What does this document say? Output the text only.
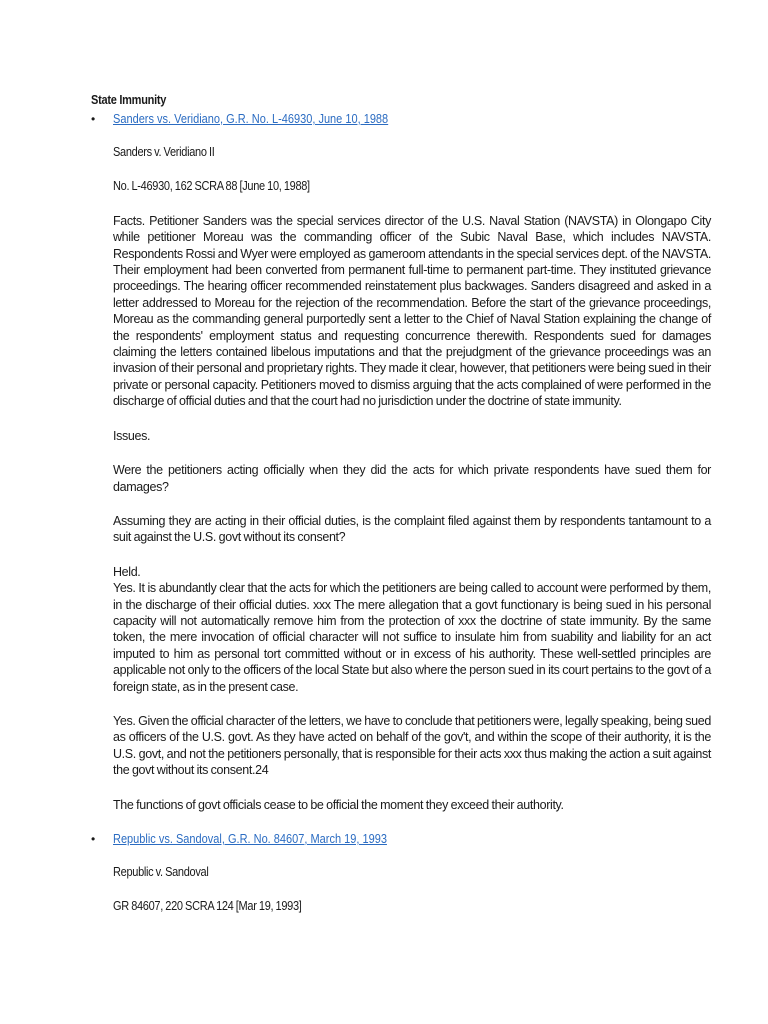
State Immunity
• Sanders vs. Veridiano, G.R. No. L-46930, June 10, 1988

Sanders v. Veridiano II

No. L-46930, 162 SCRA 88 [June 10, 1988]

Facts. Petitioner Sanders was the special services director of the U.S. Naval Station (NAVSTA) in Olongapo City while petitioner Moreau was the commanding officer of the Subic Naval Base, which includes NAVSTA. Respondents Rossi and Wyer were employed as gameroom attendants in the special services dept. of the NAVSTA. Their employment had been converted from permanent full-time to permanent part-time. They instituted grievance proceedings. The hearing officer recommended reinstatement plus backwages. Sanders disagreed and asked in a letter addressed to Moreau for the rejection of the recommendation. Before the start of the grievance proceedings, Moreau as the commanding general purportedly sent a letter to the Chief of Naval Station explaining the change of the respondents' employment status and requesting concurrence therewith. Respondents sued for damages claiming the letters contained libelous imputations and that the prejudgment of the grievance proceedings was an invasion of their personal and proprietary rights. They made it clear, however, that petitioners were being sued in their private or personal capacity. Petitioners moved to dismiss arguing that the acts complained of were performed in the discharge of official duties and that the court had no jurisdiction under the doctrine of state immunity.

Issues.

Were the petitioners acting officially when they did the acts for which private respondents have sued them for damages?

Assuming they are acting in their official duties, is the complaint filed against them by respondents tantamount to a suit against the U.S. govt without its consent?

Held.

Yes. It is abundantly clear that the acts for which the petitioners are being called to account were performed by them, in the discharge of their official duties. xxx The mere allegation that a govt functionary is being sued in his personal capacity will not automatically remove him from the protection of xxx the doctrine of state immunity. By the same token, the mere invocation of official character will not suffice to insulate him from suability and liability for an act imputed to him as personal tort committed without or in excess of his authority. These well-settled principles are applicable not only to the officers of the local State but also where the person sued in its court pertains to the govt of a foreign state, as in the present case.

Yes. Given the official character of the letters, we have to conclude that petitioners were, legally speaking, being sued as officers of the U.S. govt. As they have acted on behalf of the gov't, and within the scope of their authority, it is the U.S. govt, and not the petitioners personally, that is responsible for their acts xxx thus making the action a suit against the govt without its consent.24

The functions of govt officials cease to be official the moment they exceed their authority.

• Republic vs. Sandoval, G.R. No. 84607, March 19, 1993

Republic v. Sandoval

GR 84607, 220 SCRA 124 [Mar 19, 1993]
